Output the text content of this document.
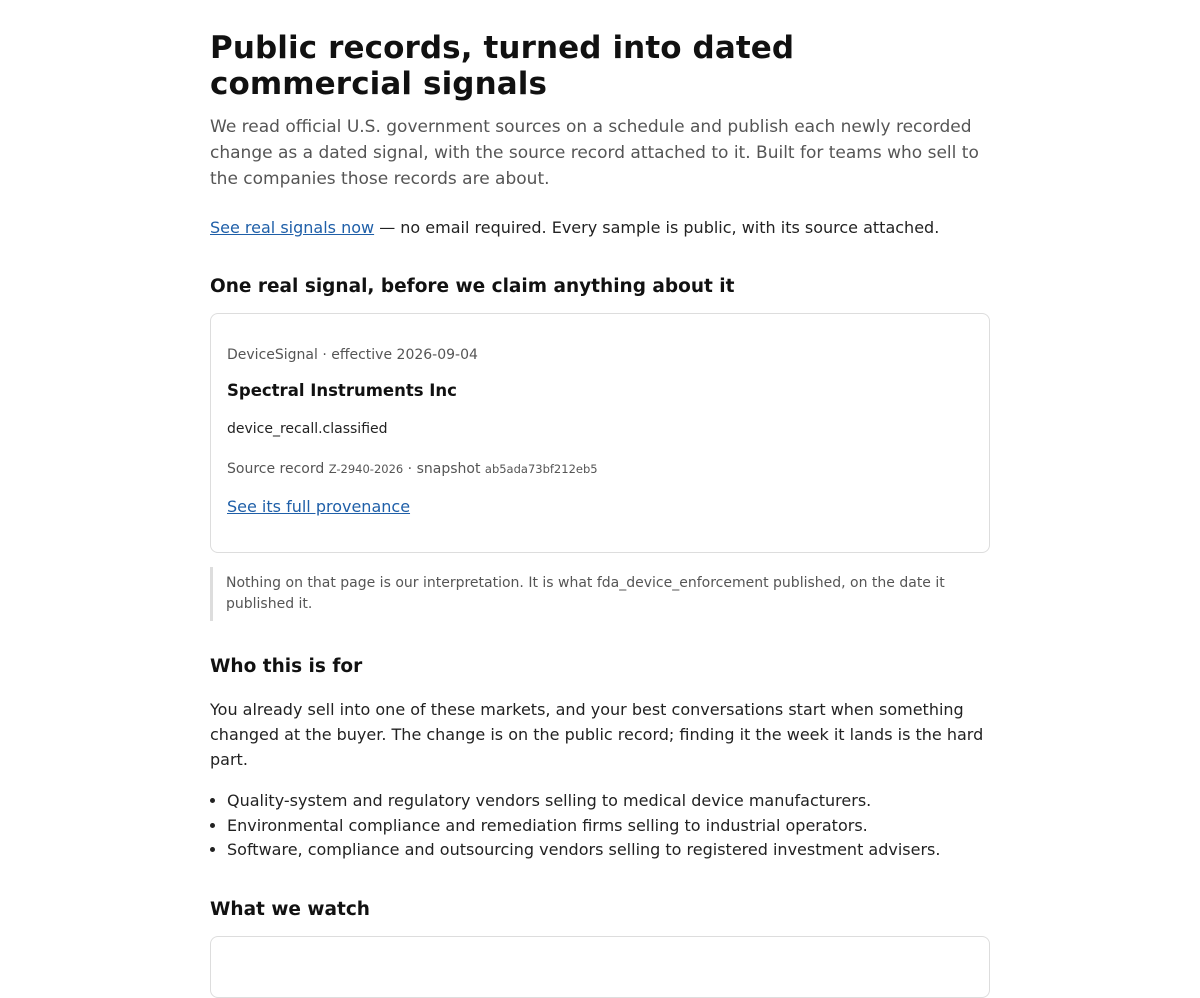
Public records, turned into dated commercial signals

We read official U.S. government sources on a schedule and publish each newly recorded change as a dated signal, with the source record attached to it. Built for teams who sell to the companies those records are about.

See real signals now — no email required. Every sample is public, with its source attached.

One real signal, before we claim anything about it

DeviceSignal · effective 2026-09-04

Spectral Instruments Inc

device_recall.classified

Source record Z-2940-2026 · snapshot ab5ada73bf212eb5

See its full provenance

Nothing on that page is our interpretation. It is what fda_device_enforcement published, on the date it published it.
Who this is for

You already sell into one of these markets, and your best conversations start when something changed at the buyer. The change is on the public record; finding it the week it lands is the hard part.

• Quality-system and regulatory vendors selling to medical device manufacturers.
• Environmental compliance and remediation firms selling to industrial operators.
• Software, compliance and outsourcing vendors selling to registered investment advisers.
What we watch
